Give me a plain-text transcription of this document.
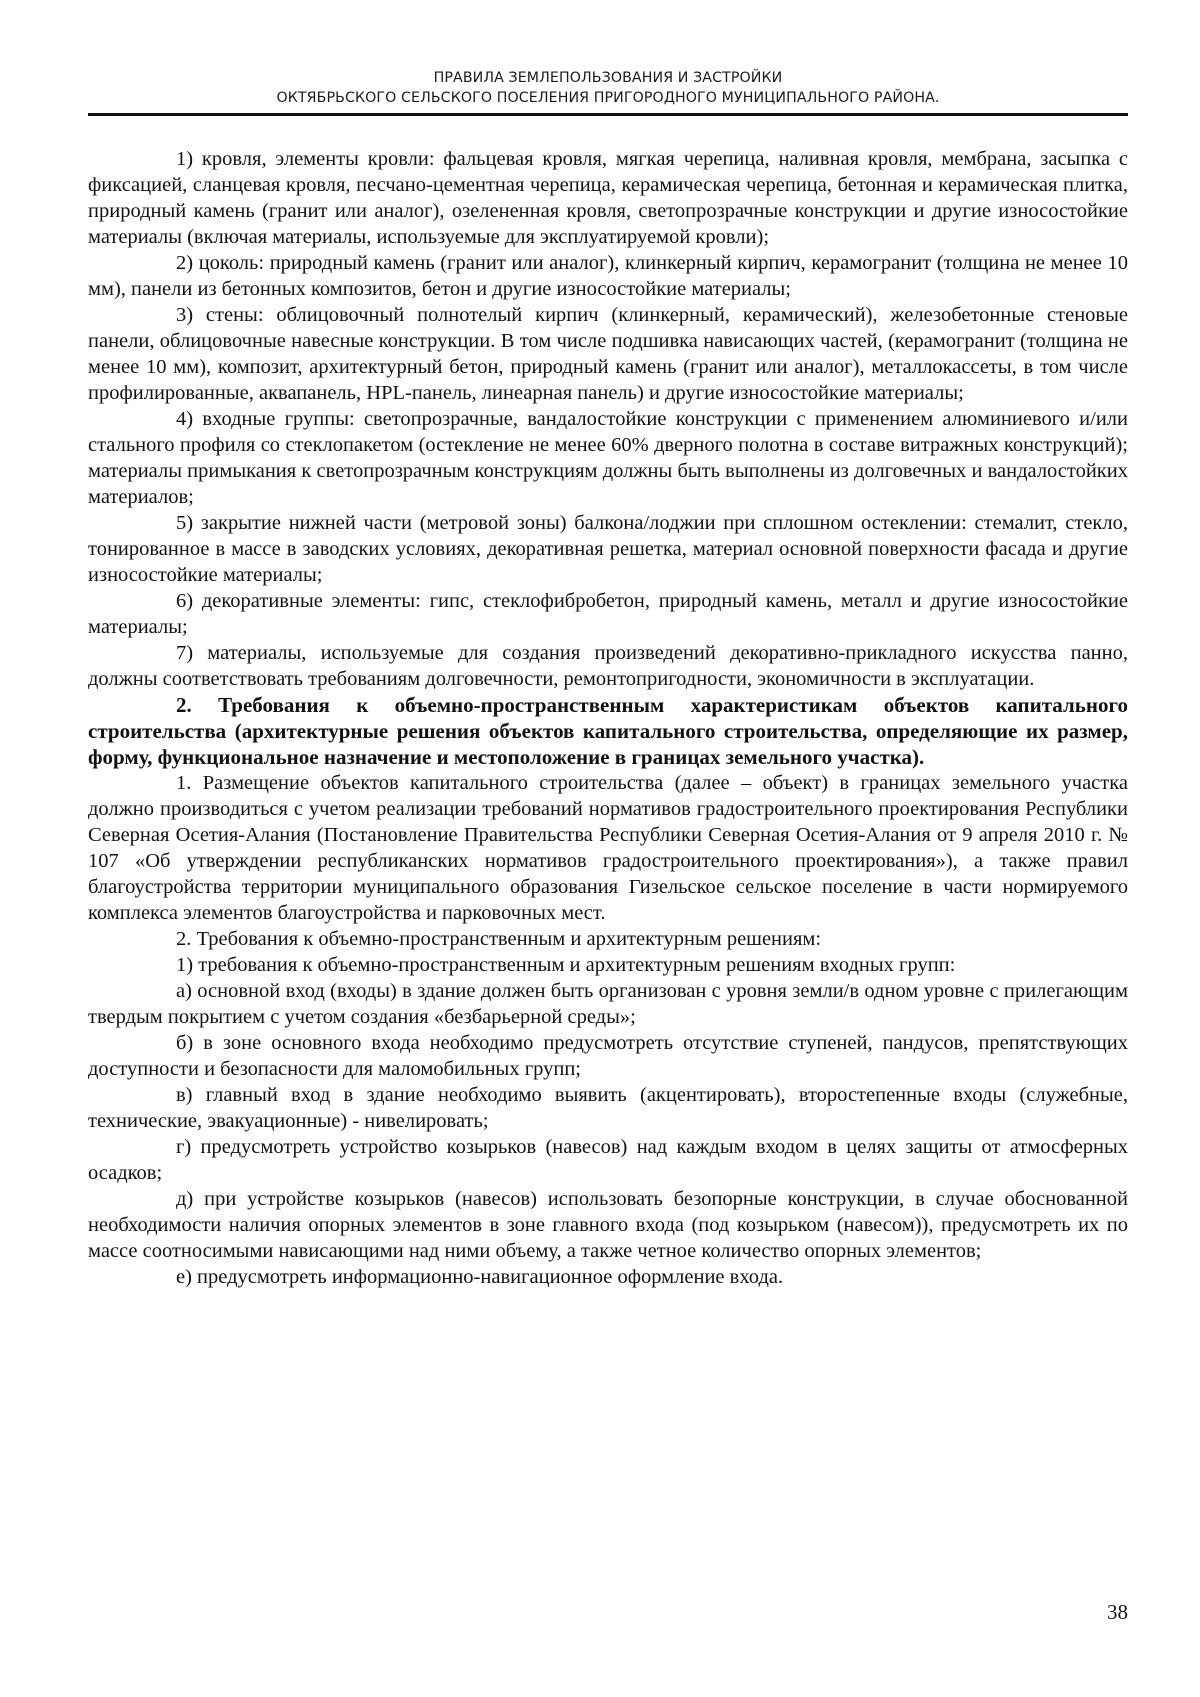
ПРАВИЛА ЗЕМЛЕПОЛЬЗОВАНИЯ И ЗАСТРОЙКИ
ОКТЯБРЬСКОГО СЕЛЬСКОГО ПОСЕЛЕНИЯ ПРИГОРОДНОГО МУНИЦИПАЛЬНОГО РАЙОНА.

1) кровля, элементы кровли: фальцевая кровля, мягкая черепица, наливная кровля, мембрана, засыпка с фиксацией, сланцевая кровля, песчано-цементная черепица, керамическая черепица, бетонная и керамическая плитка, природный камень (гранит или аналог), озелененная кровля, светопрозрачные конструкции и другие износостойкие материалы (включая материалы, используемые для эксплуатируемой кровли);

2) цоколь: природный камень (гранит или аналог), клинкерный кирпич, керамогранит (толщина не менее 10 мм), панели из бетонных композитов, бетон и другие износостойкие материалы;

3) стены: облицовочный полнотелый кирпич (клинкерный, керамический), железобетонные стеновые панели, облицовочные навесные конструкции. В том числе подшивка нависающих частей, (керамогранит (толщина не менее 10 мм), композит, архитектурный бетон, природный камень (гранит или аналог), металлокассеты, в том числе профилированные, аквапанель, HPL-панель, линеарная панель) и другие износостойкие материалы;

4) входные группы: светопрозрачные, вандалостойкие конструкции с применением алюминиевого и/или стального профиля со стеклопакетом (остекление не менее 60% дверного полотна в составе витражных конструкций); материалы примыкания к светопрозрачным конструкциям должны быть выполнены из долговечных и вандалостойких материалов;

5) закрытие нижней части (метровой зоны) балкона/лоджии при сплошном остеклении: стемалит, стекло, тонированное в массе в заводских условиях, декоративная решетка, материал основной поверхности фасада и другие износостойкие материалы;

6) декоративные элементы: гипс, стеклофибробетон, природный камень, металл и другие износостойкие материалы;

7) материалы, используемые для создания произведений декоративно-прикладного искусства панно, должны соответствовать требованиям долговечности, ремонтопригодности, экономичности в эксплуатации.

2. Требования к объемно-пространственным характеристикам объектов капитального строительства (архитектурные решения объектов капитального строительства, определяющие их размер, форму, функциональное назначение и местоположение в границах земельного участка).

1. Размещение объектов капитального строительства (далее – объект) в границах земельного участка должно производиться с учетом реализации требований нормативов градостроительного проектирования Республики Северная Осетия-Алания (Постановление Правительства Республики Северная Осетия-Алания от 9 апреля 2010 г. № 107 «Об утверждении республиканских нормативов градостроительного проектирования»), а также правил благоустройства территории муниципального образования Гизельское сельское поселение в части нормируемого комплекса элементов благоустройства и парковочных мест.

2. Требования к объемно-пространственным и архитектурным решениям:

1) требования к объемно-пространственным и архитектурным решениям входных групп:

а) основной вход (входы) в здание должен быть организован с уровня земли/в одном уровне с прилегающим твердым покрытием с учетом создания «безбарьерной среды»;

б) в зоне основного входа необходимо предусмотреть отсутствие ступеней, пандусов, препятствующих доступности и безопасности для маломобильных групп;

в) главный вход в здание необходимо выявить (акцентировать), второстепенные входы (служебные, технические, эвакуационные) - нивелировать;

г) предусмотреть устройство козырьков (навесов) над каждым входом в целях защиты от атмосферных осадков;

д) при устройстве козырьков (навесов) использовать безопорные конструкции, в случае обоснованной необходимости наличия опорных элементов в зоне главного входа (под козырьком (навесом)), предусмотреть их по массе соотносимыми нависающими над ними объему, а также четное количество опорных элементов;

е) предусмотреть информационно-навигационное оформление входа.

38
